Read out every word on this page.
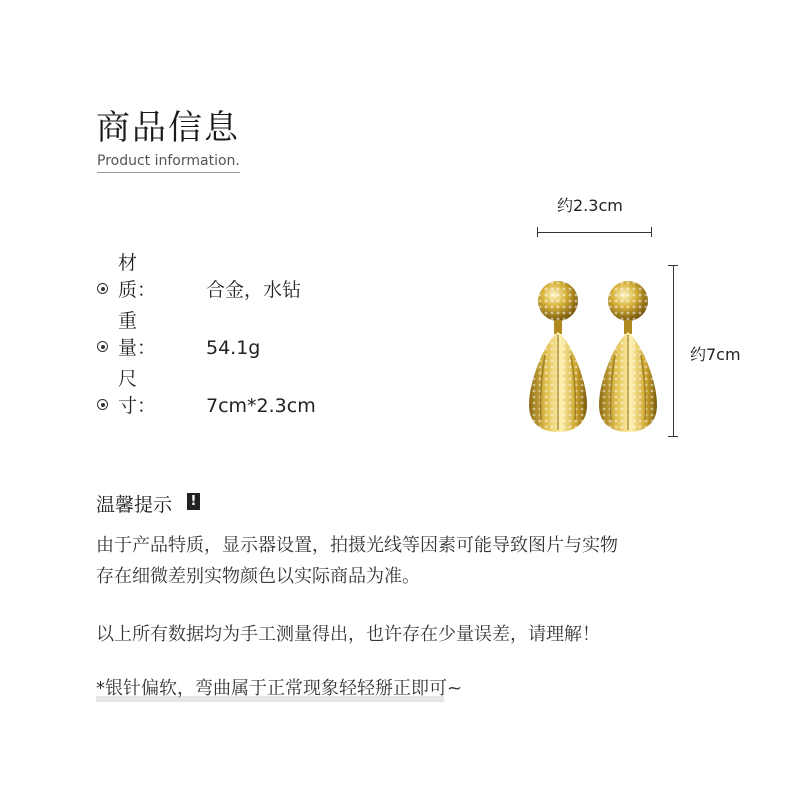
商品信息
Product information.
材　　质：	合金，水钻
重　　量：	54.1g
尺　　寸：	7cm*2.3cm
约2.3cm
约7cm
温馨提示 !
由于产品特质，显示器设置，拍摄光线等因素可能导致图片与实物
存在细微差别实物颜色以实际商品为准。
以上所有数据均为手工测量得出，也许存在少量误差，请理解！
*银针偏软，弯曲属于正常现象轻轻掰正即可~
